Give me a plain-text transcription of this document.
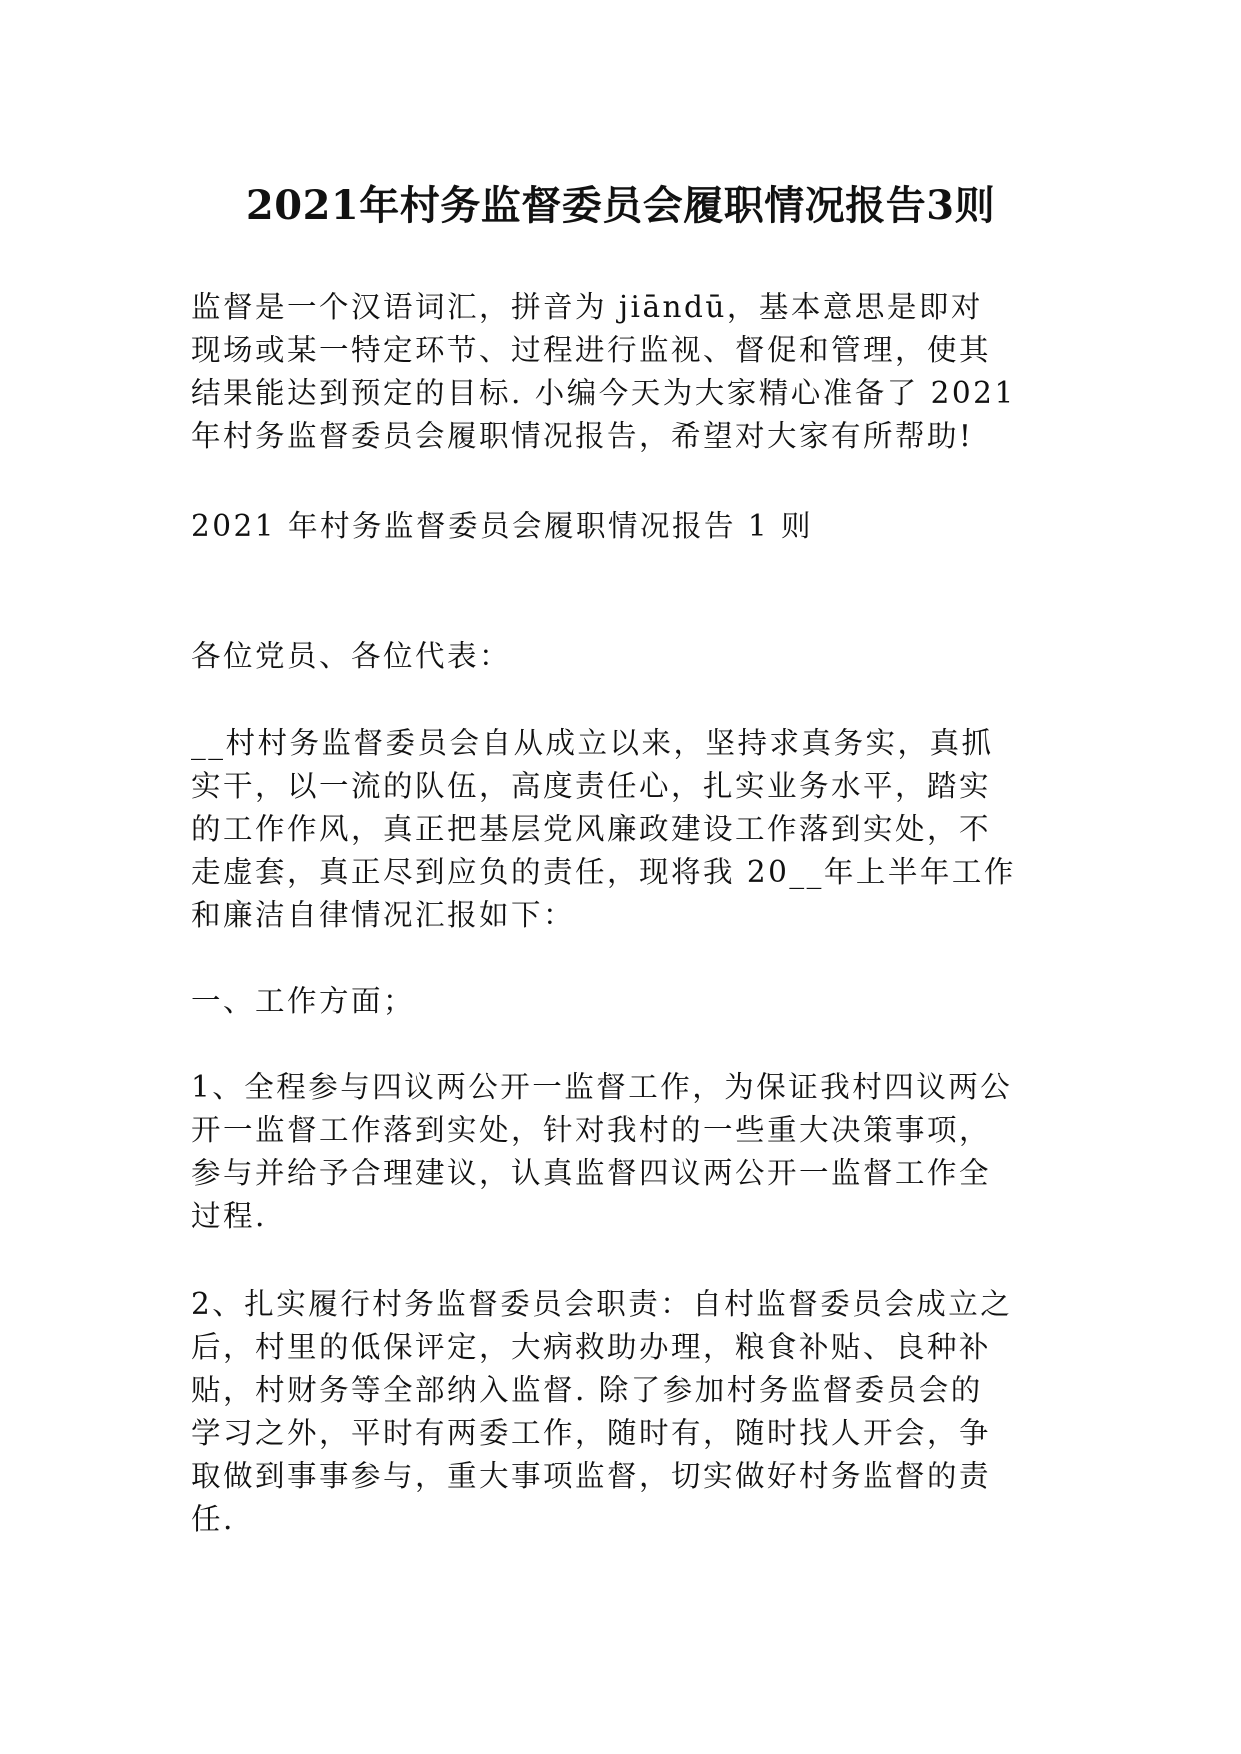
2021年村务监督委员会履职情况报告3则
监督是一个汉语词汇，拼音为 jiāndū，基本意思是即对
现场或某一特定环节、过程进行监视、督促和管理，使其
结果能达到预定的目标. 小编今天为大家精心准备了 2021
年村务监督委员会履职情况报告，希望对大家有所帮助!
2021 年村务监督委员会履职情况报告 1 则
各位党员、各位代表：
__村村务监督委员会自从成立以来，坚持求真务实，真抓
实干，以一流的队伍，高度责任心，扎实业务水平，踏实
的工作作风，真正把基层党风廉政建设工作落到实处，不
走虚套，真正尽到应负的责任，现将我 20__年上半年工作
和廉洁自律情况汇报如下：
一、工作方面；
1、全程参与四议两公开一监督工作，为保证我村四议两公
开一监督工作落到实处，针对我村的一些重大决策事项，
参与并给予合理建议，认真监督四议两公开一监督工作全
过程.
2、扎实履行村务监督委员会职责：自村监督委员会成立之
后，村里的低保评定，大病救助办理，粮食补贴、良种补
贴，村财务等全部纳入监督. 除了参加村务监督委员会的
学习之外，平时有两委工作，随时有，随时找人开会，争
取做到事事参与，重大事项监督，切实做好村务监督的责
任.
